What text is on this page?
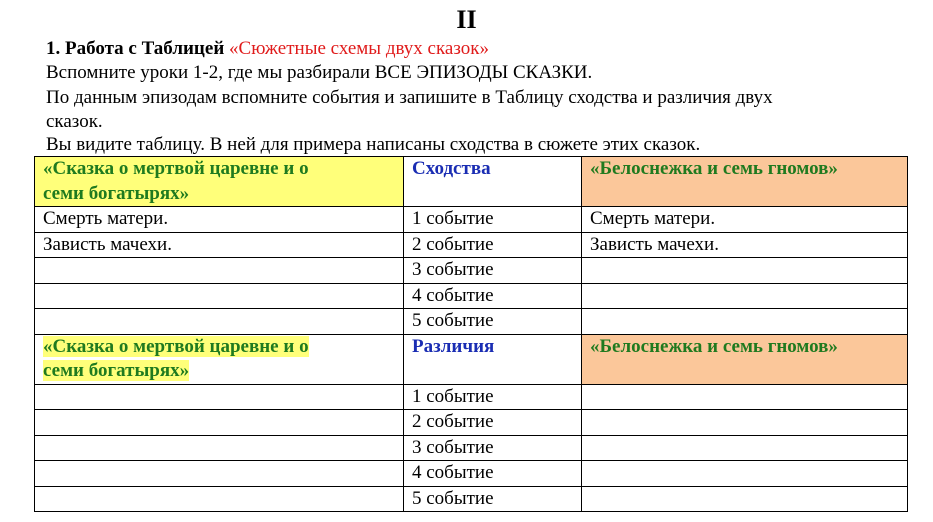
II
1. Работа с Таблицей «Сюжетные схемы двух сказок»
Вспомните уроки 1-2, где мы разбирали ВСЕ ЭПИЗОДЫ СКАЗКИ.
По данным эпизодам вспомните события и запишите в Таблицу сходства и различия двух
сказок.
Вы видите таблицу. В ней для примера написаны сходства в сюжете этих сказок.
«Сказка о мертвой царевне и о
семи богатырях»	Сходства	«Белоснежка и семь гномов»
Смерть матери.	1 событие	Смерть матери.
Зависть мачехи.	2 событие	Зависть мачехи.
	3 событие	
	4 событие	
	5 событие	
«Сказка о мертвой царевне и о
семи богатырях»	Различия	«Белоснежка и семь гномов»
	1 событие	
	2 событие	
	3 событие	
	4 событие	
	5 событие	
